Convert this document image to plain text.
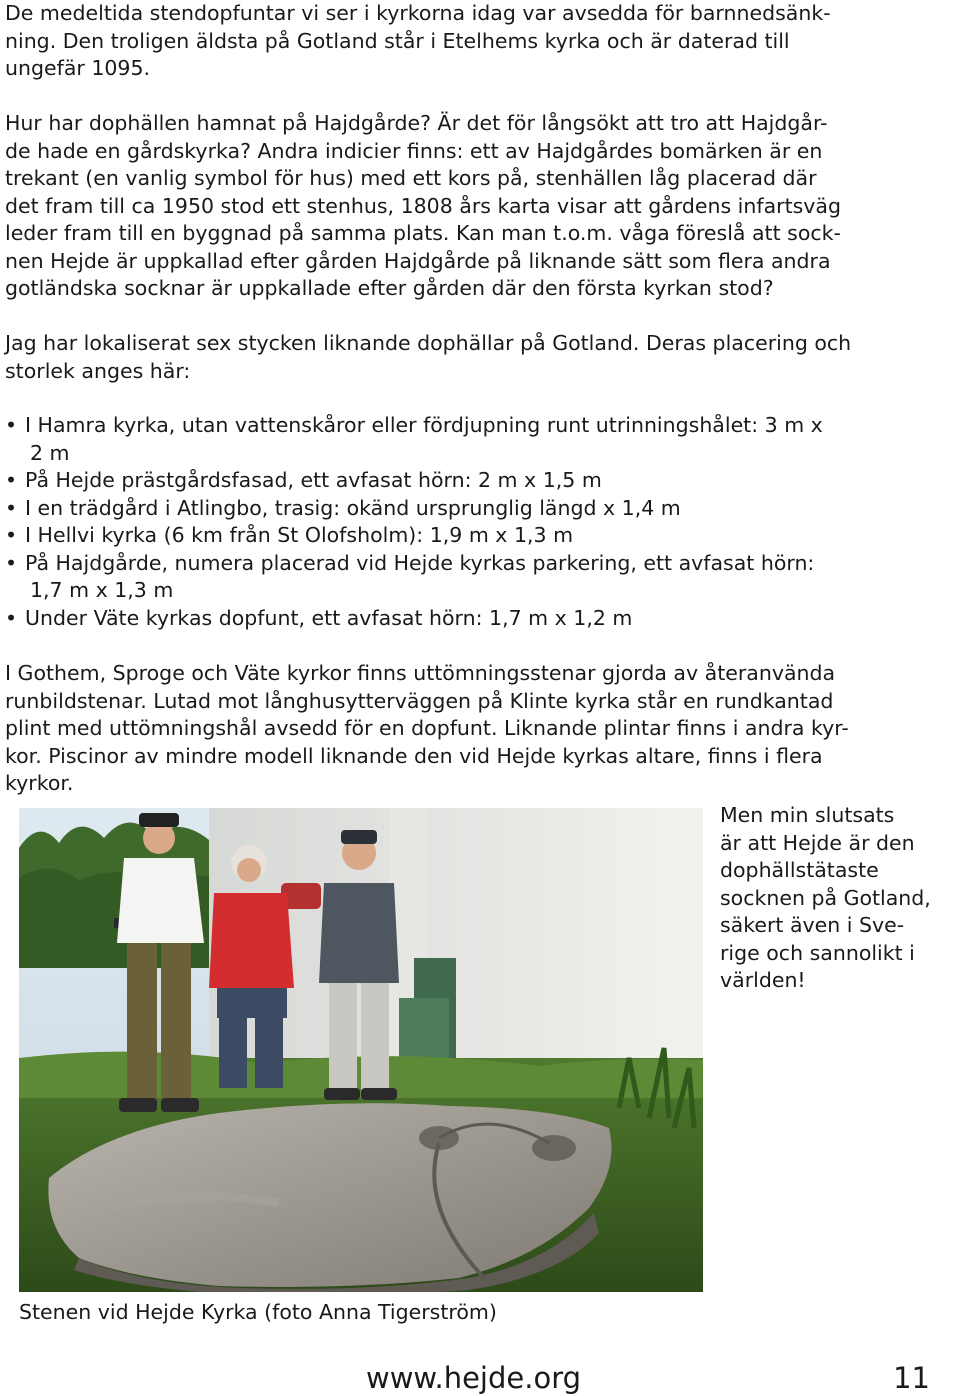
De medeltida stendopfuntar vi ser i kyrkorna idag var avsedda för barnnedsänk-
ning. Den troligen äldsta på Gotland står i Etelhems kyrka och är daterad till
ungefär 1095.

Hur har dophällen hamnat på Hajdgårde? Är det för långsökt att tro att Hajdgår-
de hade en gårdskyrka? Andra indicier finns: ett av Hajdgårdes bomärken är en
trekant (en vanlig symbol för hus) med ett kors på, stenhällen låg placerad där
det fram till ca 1950 stod ett stenhus, 1808 års karta visar att gårdens infartsväg
leder fram till en byggnad på samma plats. Kan man t.o.m. våga föreslå att sock-
nen Hejde är uppkallad efter gården Hajdgårde på liknande sätt som flera andra
gotländska socknar är uppkallade efter gården där den första kyrkan stod?

Jag har lokaliserat sex stycken liknande dophällar på Gotland. Deras placering och
storlek anges här:

• I Hamra kyrka, utan vattenskåror eller fördjupning runt utrinningshålet: 3 m x
2 m
• På Hejde prästgårdsfasad, ett avfasat hörn: 2 m x 1,5 m
• I en trädgård i Atlingbo, trasig: okänd ursprunglig längd x 1,4 m
• I Hellvi kyrka (6 km från St Olofsholm): 1,9 m x 1,3 m
• På Hajdgårde, numera placerad vid Hejde kyrkas parkering, ett avfasat hörn:
1,7 m x 1,3 m
• Under Väte kyrkas dopfunt, ett avfasat hörn: 1,7 m x 1,2 m

I Gothem, Sproge och Väte kyrkor finns uttömningsstenar gjorda av återanvända
runbildstenar. Lutad mot långhusytterväggen på Klinte kyrka står en rundkantad
plint med uttömningshål avsedd för en dopfunt. Liknande plintar finns i andra kyr-
kor. Piscinor av mindre modell liknande den vid Hejde kyrkas altare, finns i flera
kyrkor.

Men min slutsats
är att Hejde är den
dophällstätaste
socknen på Gotland,
säkert även i Sve-
rige och sannolikt i
världen!

Stenen vid Hejde Kyrka (foto Anna Tigerström)
www.hejde.org	11
